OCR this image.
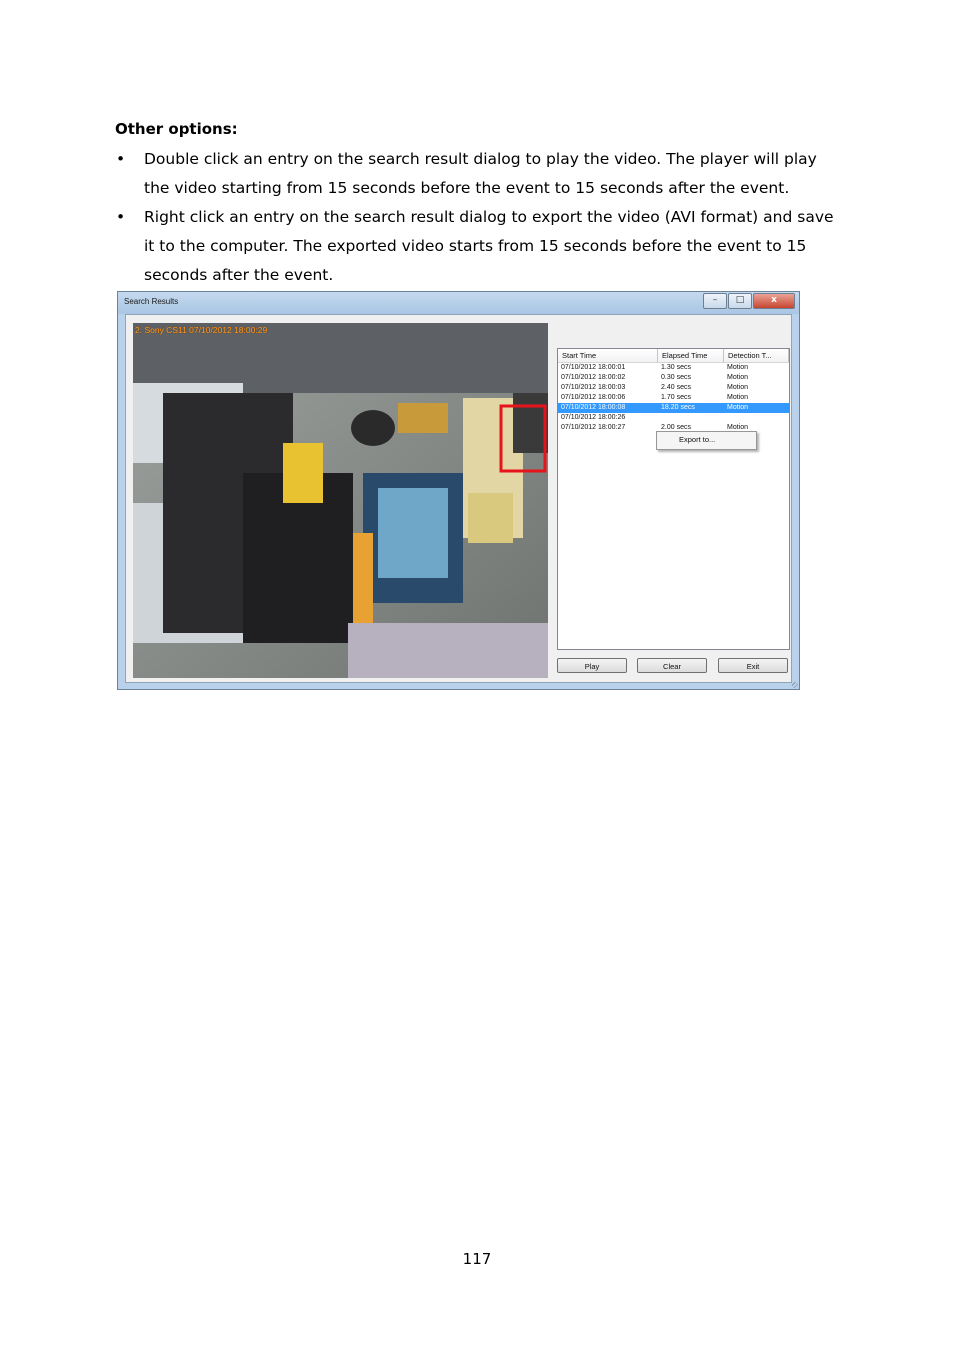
Other options:
• Double click an entry on the search result dialog to play the video. The player will play the video starting from 15 seconds before the event to 15 seconds after the event.
• Right click an entry on the search result dialog to export the video (AVI format) and save it to the computer. The exported video starts from 15 seconds before the event to 15 seconds after the event.
Search Results	–	□	x
2. Sony CS11 07/10/2012 18:00:29
Start Time	Elapsed Time	Detection T...
07/10/2012 18:00:01	1.30 secs	Motion
07/10/2012 18:00:02	0.30 secs	Motion
07/10/2012 18:00:03	2.40 secs	Motion
07/10/2012 18:00:06	1.70 secs	Motion
07/10/2012 18:00:08	18.20 secs	Motion
07/10/2012 18:00:26
07/10/2012 18:00:27	2.00 secs	Motion
Export to...
Play	Clear	Exit
117
